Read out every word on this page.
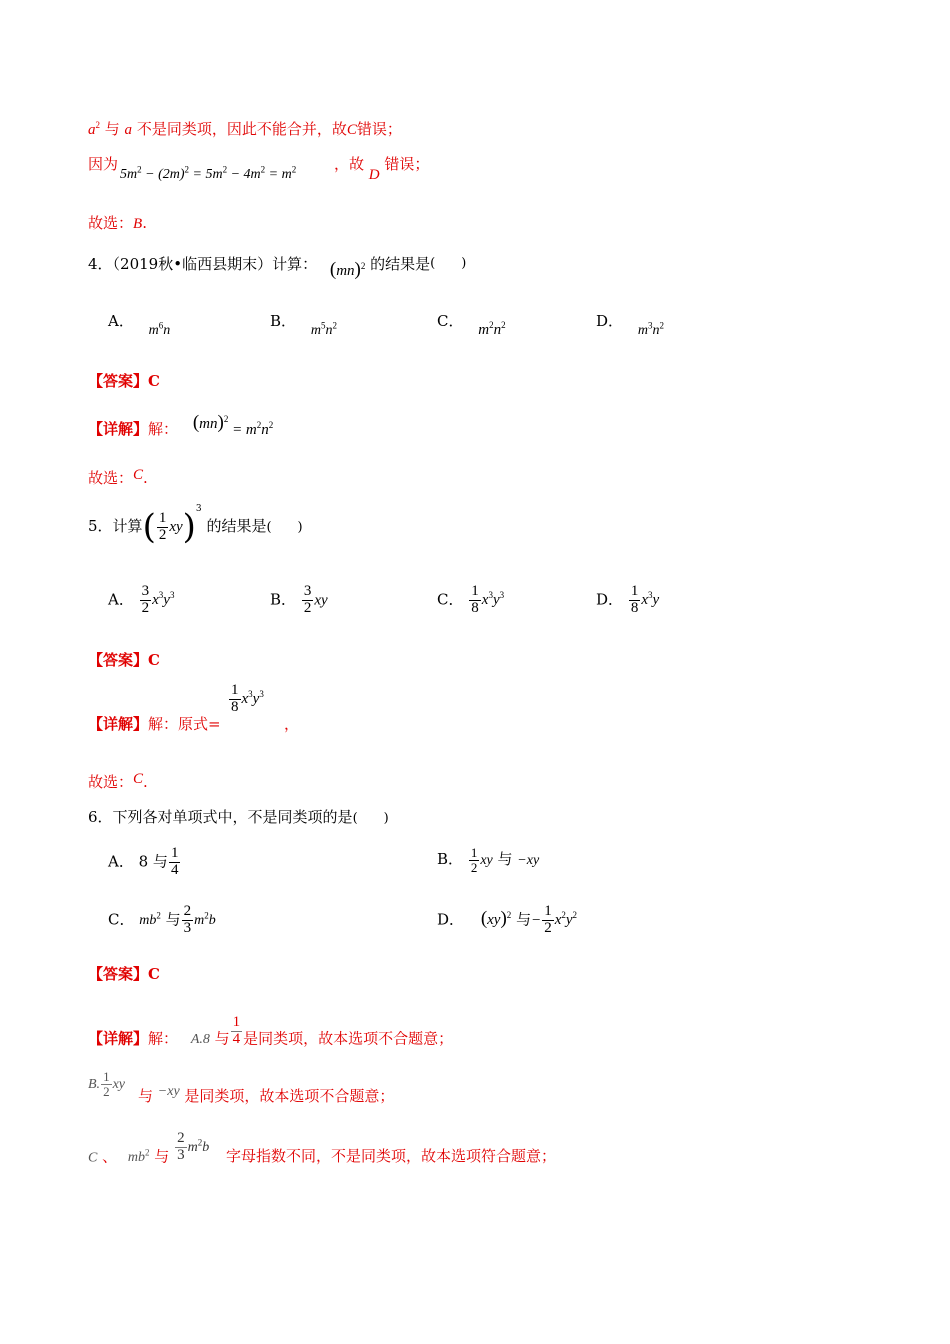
$a^2$ 与 a 不是同类项，因此不能合并，故C错误；
因为
$5m^2 - (2m)^2 = 5m^2 - 4m^2 = m^2$	，故 D 错误；
故选：B.
4．（2019秋•临西县期末）计算： (mn)$^2$ 的结果是(　　)
A． $m^6n$
B． $m^5n^2$	C． $m^2n^2$	D． $m^3n^2$
【答案】C
【详解】解： $(mn)^2 = m^2n^2$
故选：C.
5．计算( $\frac{1}{2} xy)^3$ 的结果是(　　)
A． $\frac{3}{2} x^3y^3$	B． $\frac{3}{2}$ xy	C． $\frac{1}{8} x^3y^3$	D． $\frac{1}{8} x^3y$
【答案】C
【详解】解：原式=
$\frac{1}{8} x^3y^3$
，
故选：C.
6．下列各对单项式中，不是同类项的是(　　)
A． 8 与 $\frac{1}{4}$	B． $\frac{1}{2}$ xy 与 −xy
C． $mb^2$ 与 $\frac{2}{3} m^2b$	D． (xy)$^2$ 与− $\frac{1}{2} x^2y^2$
【答案】C
【详解】解： A.8 与 $\frac{1}{4}$ 是同类项，故本选项不合题意；
B. $\frac{1}{2}$ xy
与 −xy 是同类项，故本选项不合题意；
C 、 $mb^2$ 与 $\frac{2}{3} m^2b$ 字母指数不同，不是同类项，故本选项符合题意；
